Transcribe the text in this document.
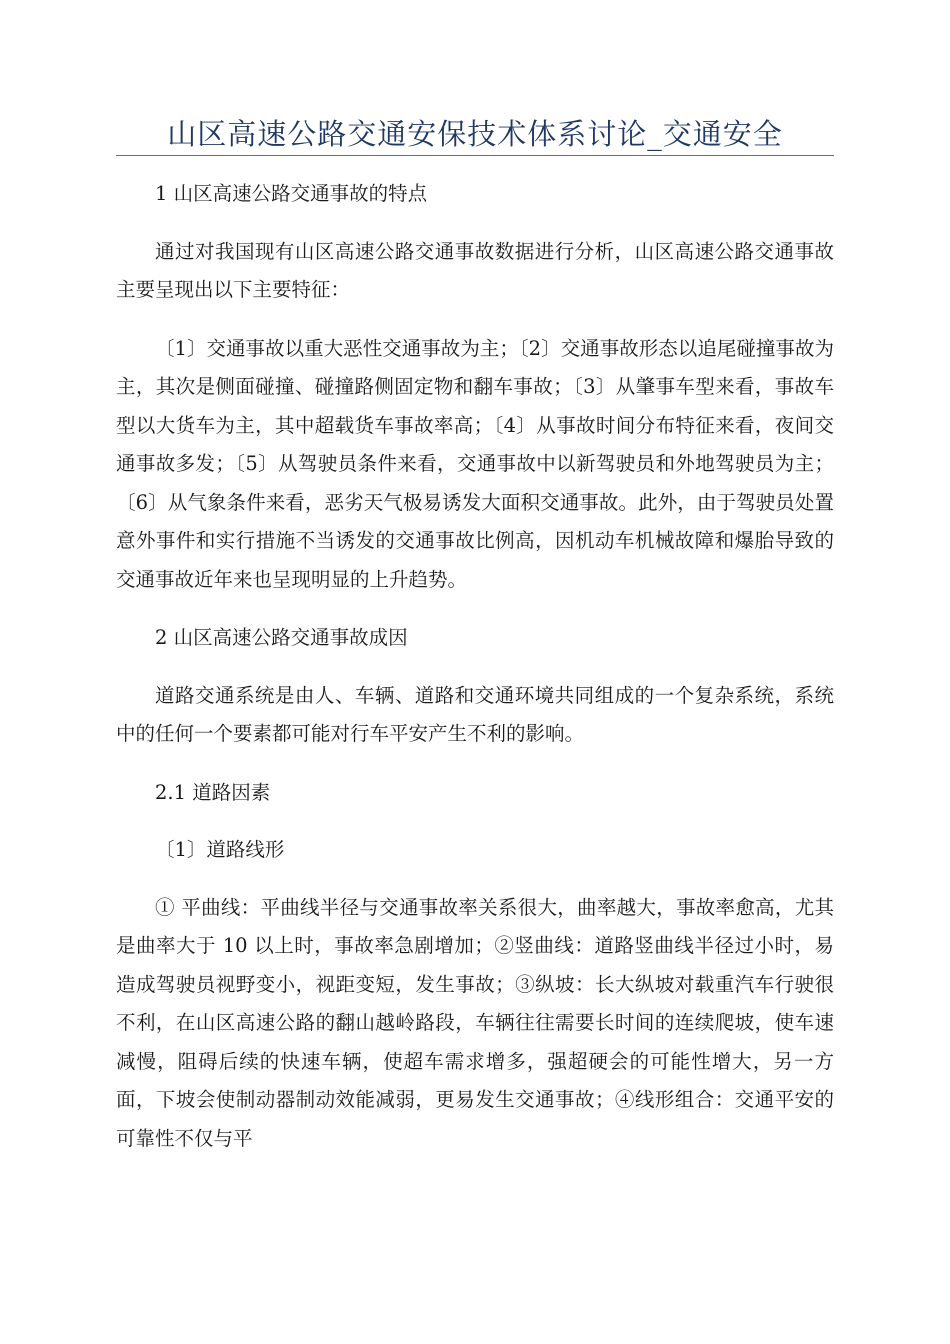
山区高速公路交通安保技术体系讨论_交通安全

1 山区高速公路交通事故的特点

通过对我国现有山区高速公路交通事故数据进行分析，山区高速公路交通事故主要呈现出以下主要特征：

〔1〕交通事故以重大恶性交通事故为主；〔2〕交通事故形态以追尾碰撞事故为主，其次是侧面碰撞、碰撞路侧固定物和翻车事故；〔3〕从肇事车型来看，事故车型以大货车为主，其中超载货车事故率高；〔4〕从事故时间分布特征来看，夜间交通事故多发；〔5〕从驾驶员条件来看，交通事故中以新驾驶员和外地驾驶员为主；〔6〕从气象条件来看，恶劣天气极易诱发大面积交通事故。此外，由于驾驶员处置意外事件和实行措施不当诱发的交通事故比例高，因机动车机械故障和爆胎导致的交通事故近年来也呈现明显的上升趋势。

2 山区高速公路交通事故成因

道路交通系统是由人、车辆、道路和交通环境共同组成的一个复杂系统，系统中的任何一个要素都可能对行车平安产生不利的影响。

2.1 道路因素

〔1〕道路线形

① 平曲线：平曲线半径与交通事故率关系很大，曲率越大，事故率愈高，尤其是曲率大于 10 以上时，事故率急剧增加；②竖曲线：道路竖曲线半径过小时，易造成驾驶员视野变小，视距变短，发生事故；③纵坡：长大纵坡对载重汽车行驶很不利，在山区高速公路的翻山越岭路段，车辆往往需要长时间的连续爬坡，使车速减慢，阻碍后续的快速车辆，使超车需求增多，强超硬会的可能性增大，另一方面，下坡会使制动器制动效能减弱，更易发生交通事故；④线形组合：交通平安的可靠性不仅与平
